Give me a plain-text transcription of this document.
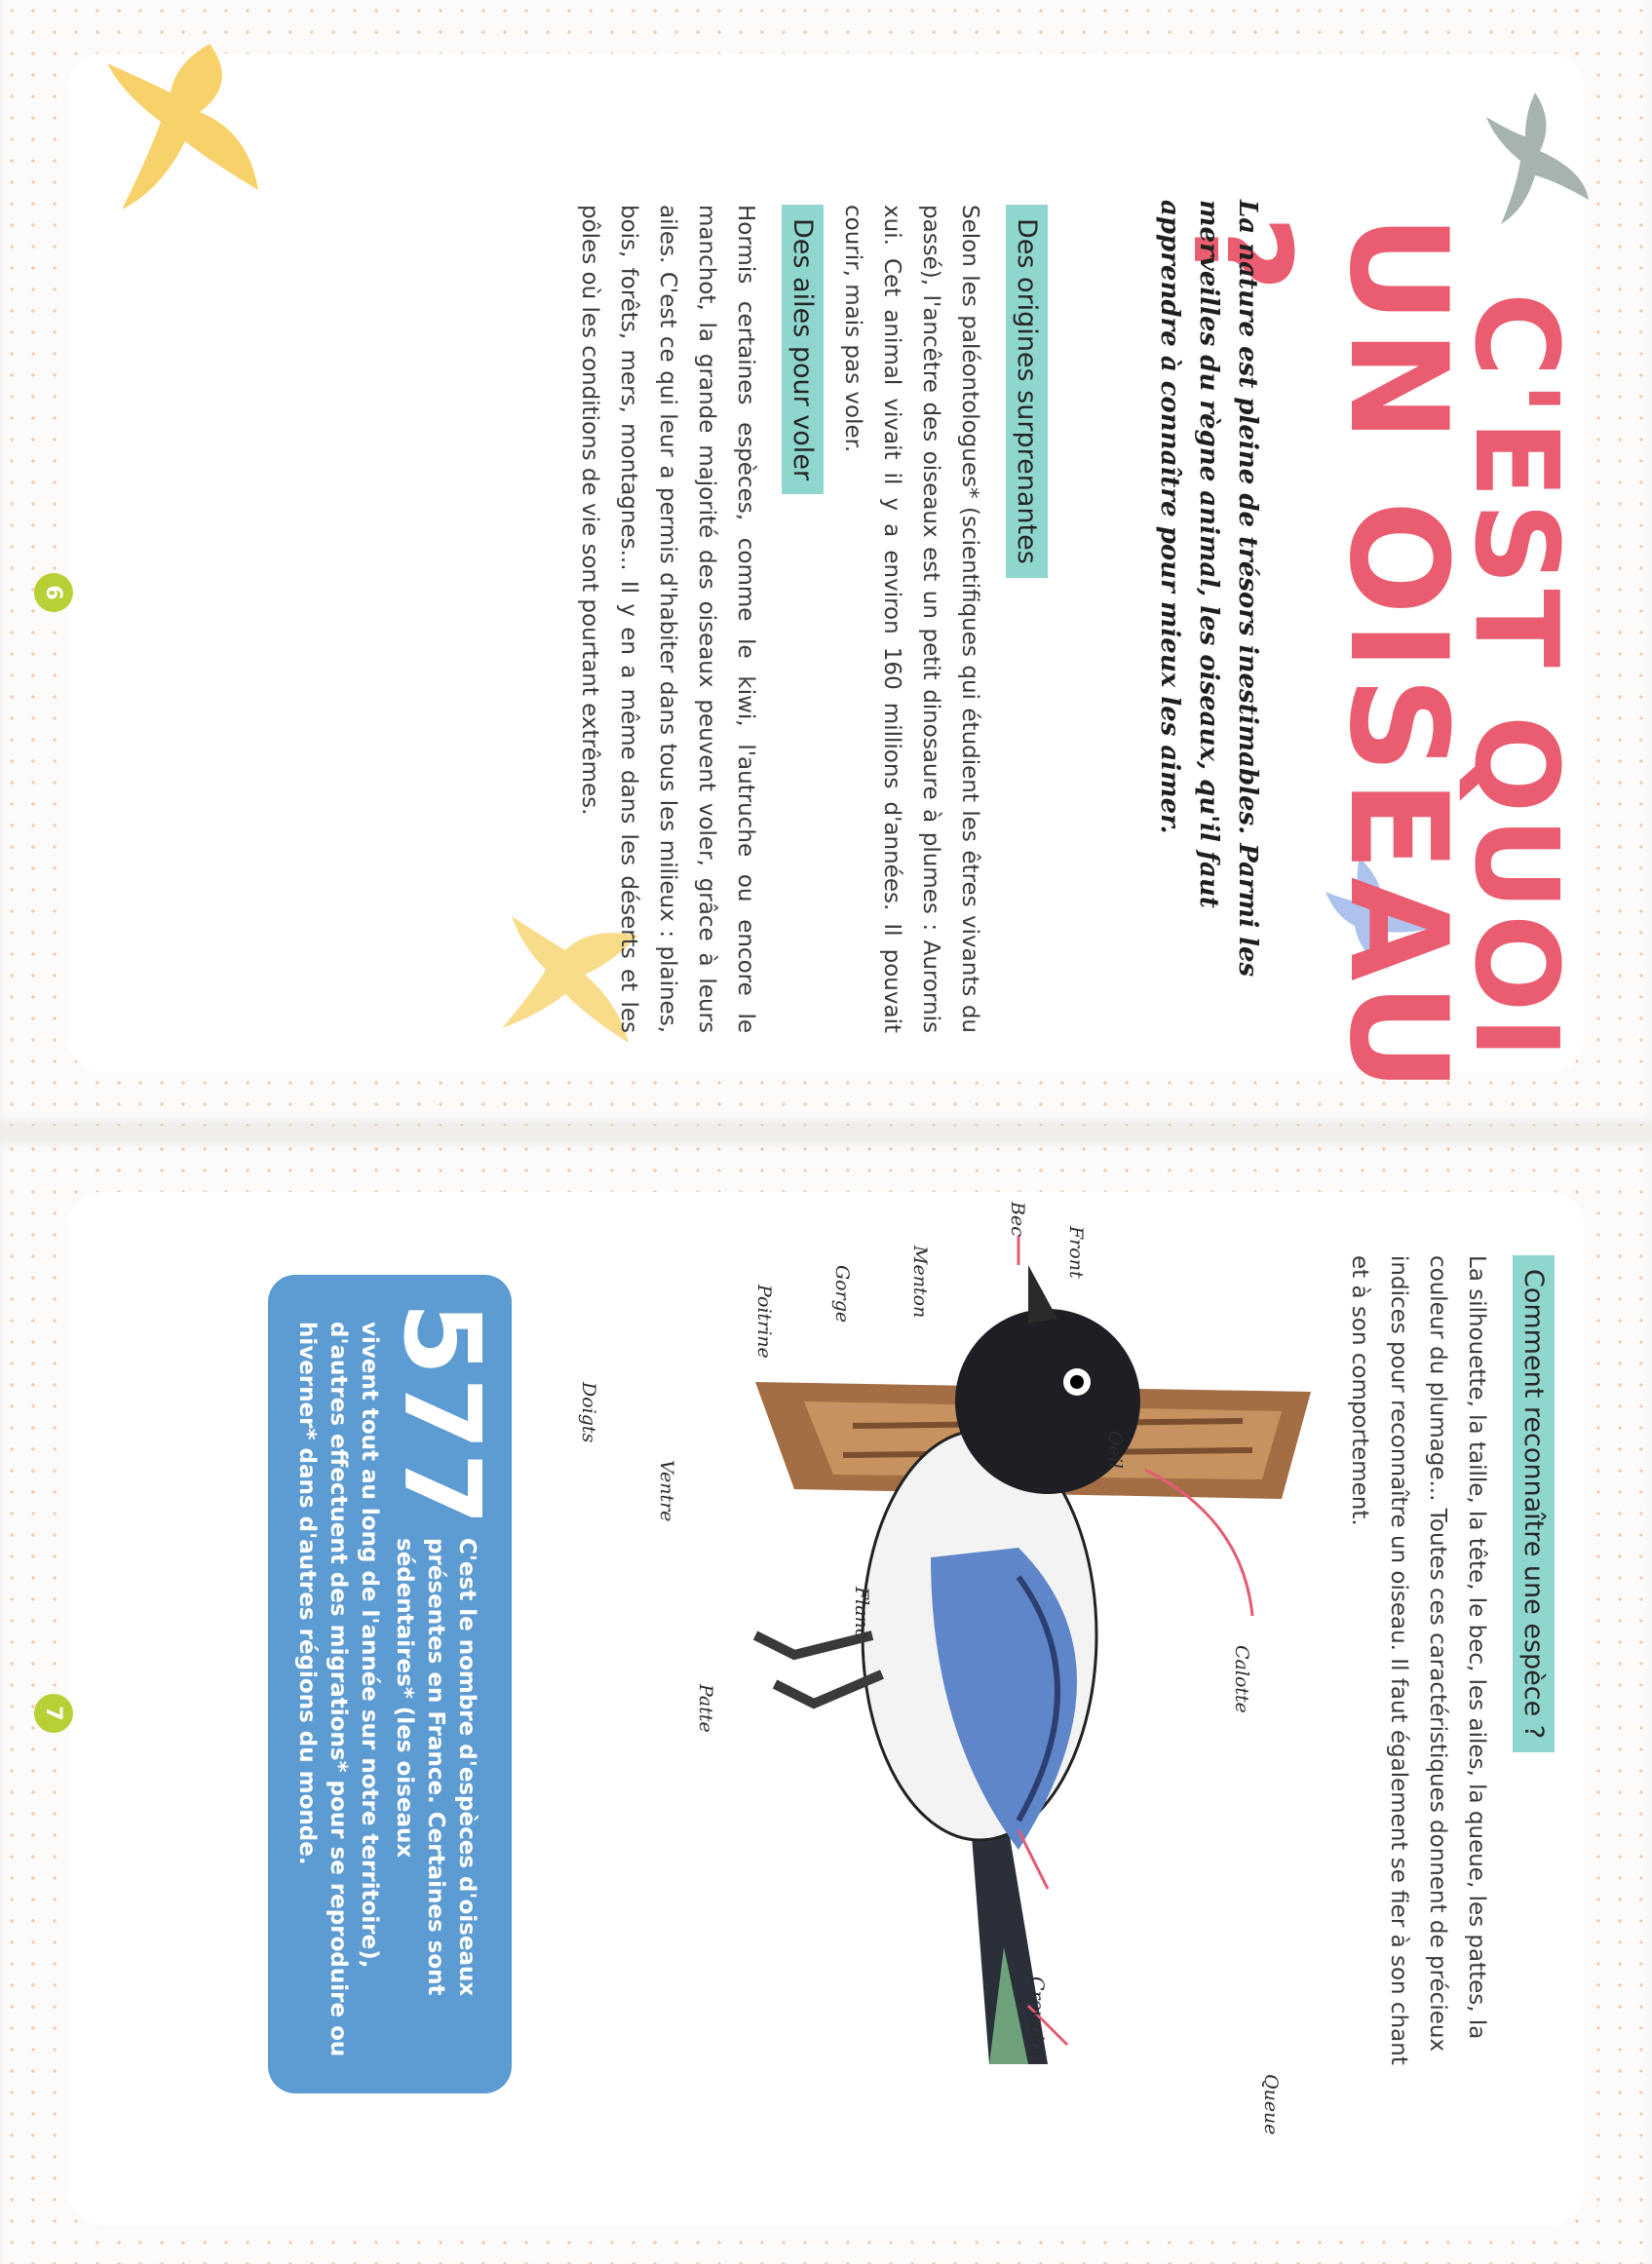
C'EST QUOI
UN OISEAU ?
La nature est pleine de trésors inestimables. Parmi les merveilles du règne animal, les oiseaux, qu'il faut apprendre à connaître pour mieux les aimer.
Des origines surprenantes
Selon les paléontologues* (scientifiques qui étudient les êtres vivants du passé), l'ancêtre des oiseaux est un petit dinosaure à plumes : Aurornis xui. Cet animal vivait il y a environ 160 millions d'années. Il pouvait courir, mais pas voler.
Des ailes pour voler
Hormis certaines espèces, comme le kiwi, l'autruche ou encore le manchot, la grande majorité des oiseaux peuvent voler, grâce à leurs ailes. C'est ce qui leur a permis d'habiter dans tous les milieux : plaines, bois, forêts, mers, montagnes... Il y en a même dans les déserts et les pôles où les conditions de vie sont pourtant extrêmes.
6
Comment reconnaître une espèce ?
La silhouette, la taille, la tête, le bec, les ailes, la queue, les pattes, la couleur du plumage... Toutes ces caractéristiques donnent de précieux indices pour reconnaître un oiseau. Il faut également se fier à son chant et à son comportement.
Front
Bec
Calotte
Oeil
Menton
Gorge
Poitrine
Ventre
Flanc
Patte
Doigts
Croupion
Queue
577
C'est le nombre d'espèces d'oiseaux présentes en France. Certaines sont sédentaires* (les oiseaux
vivent tout au long de l'année sur notre territoire), d'autres effectuent des migrations* pour se reproduire ou hiverner* dans d'autres régions du monde.
7
